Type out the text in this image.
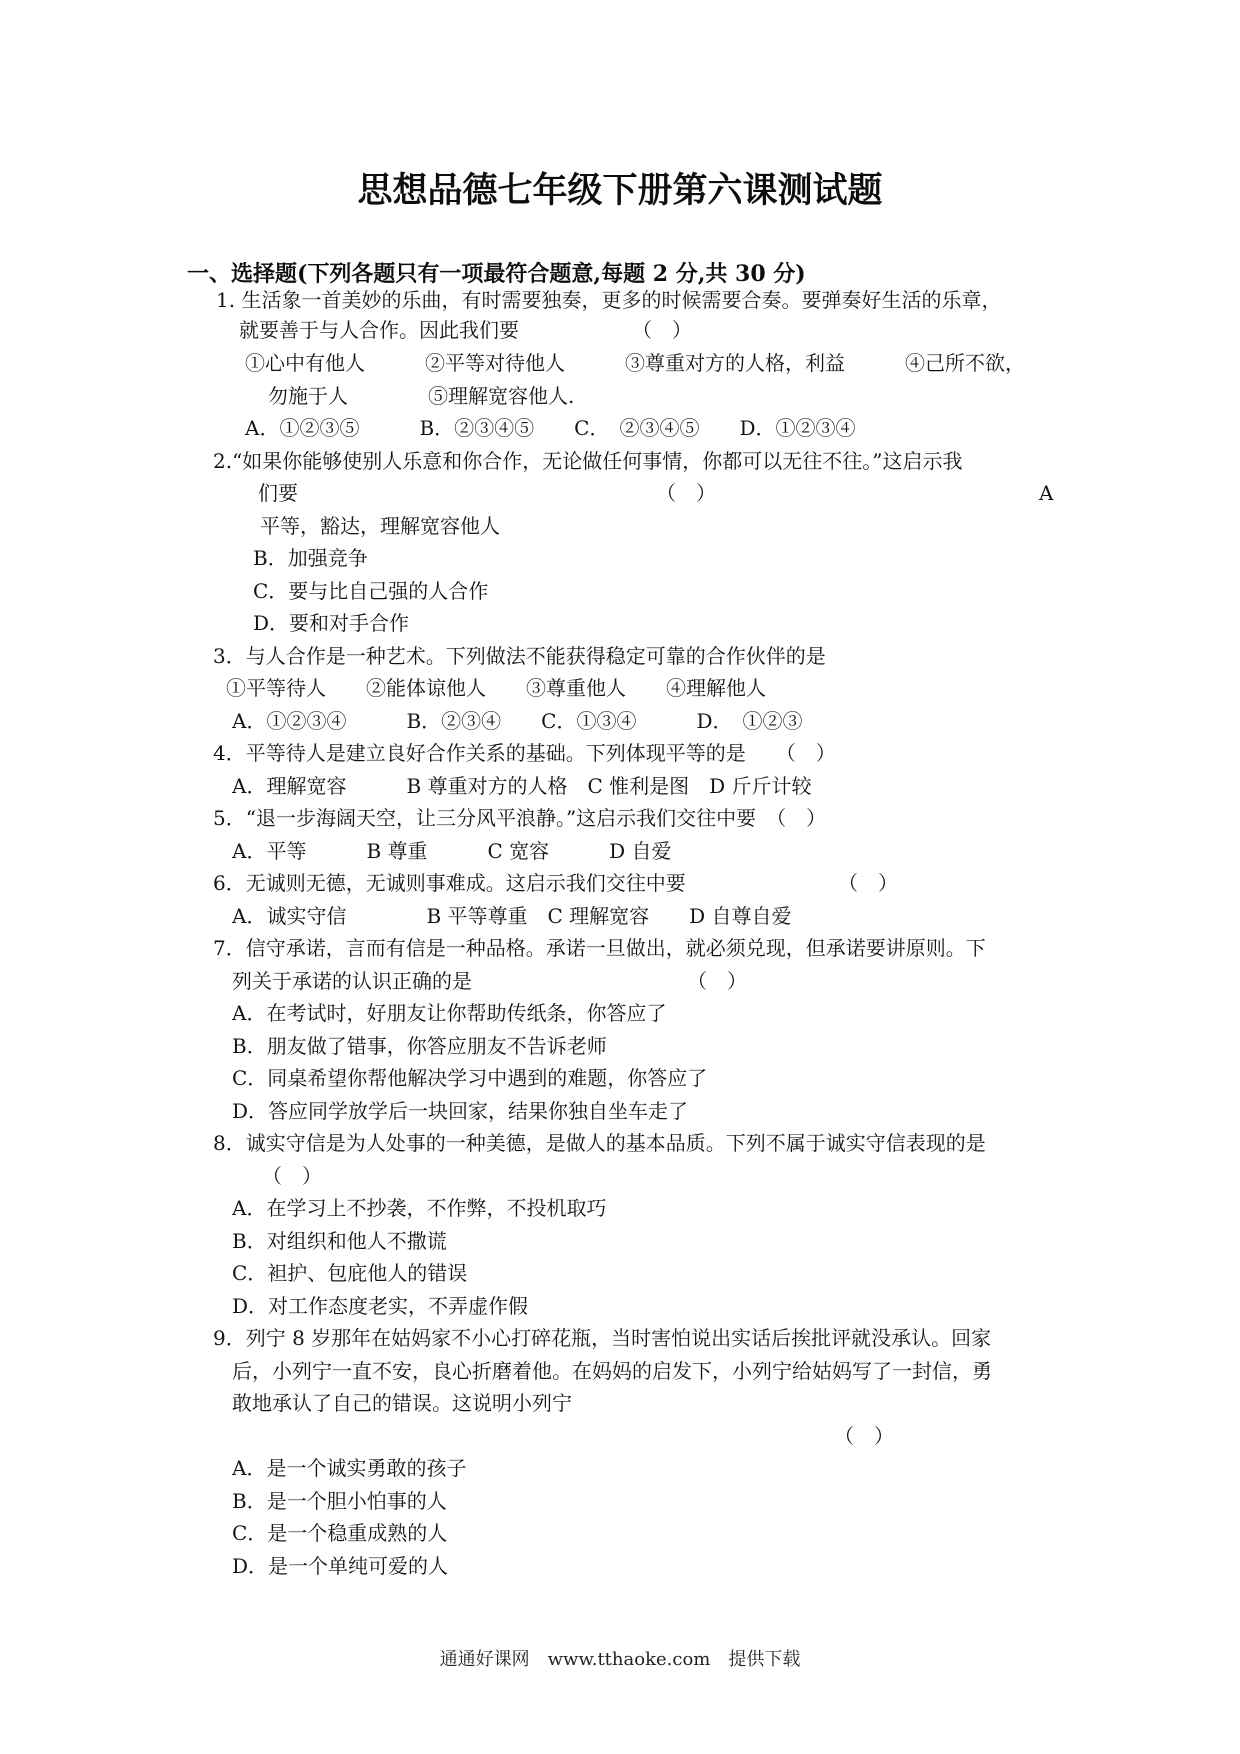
思想品德七年级下册第六课测试题
一、选择题(下列各题只有一项最符合题意,每题 2 分,共 30 分)
1. 生活象一首美妙的乐曲，有时需要独奏，更多的时候需要合奏。要弹奏好生活的乐章，
就要善于与人合作。因此我们要	（　）
①心中有他人　　　②平等对待他人　　　③尊重对方的人格，利益　　　④己所不欲，
勿施于人　　　　⑤理解宽容他人.
A．①②③⑤　　　B．②③④⑤　　C．　②③④⑤　　D．①②③④
2.“如果你能够使别人乐意和你合作，无论做任何事情，你都可以无往不往。”这启示我
们要	（　）	A
平等，豁达，理解宽容他人
B．加强竞争
C．要与比自己强的人合作
D．要和对手合作
3．与人合作是一种艺术。下列做法不能获得稳定可靠的合作伙伴的是
①平等待人　　②能体谅他人　　③尊重他人　　④理解他人
A．①②③④　　　B．②③④　　C．①③④　　　D．　①②③
4．平等待人是建立良好合作关系的基础。下列体现平等的是　　（　）
A．理解宽容　　　B 尊重对方的人格　C 惟利是图　D 斤斤计较
5．“退一步海阔天空，让三分风平浪静。”这启示我们交往中要　（　）
A．平等　　　B 尊重　　　C 宽容　　　D 自爱
6．无诚则无德，无诚则事难成。这启示我们交往中要	（　）
A．诚实守信　　　　B 平等尊重　C 理解宽容　　D 自尊自爱
7．信守承诺，言而有信是一种品格。承诺一旦做出，就必须兑现，但承诺要讲原则。下
列关于承诺的认识正确的是	（　）
A．在考试时，好朋友让你帮助传纸条，你答应了
B．朋友做了错事，你答应朋友不告诉老师
C．同桌希望你帮他解决学习中遇到的难题，你答应了
D．答应同学放学后一块回家，结果你独自坐车走了
8．诚实守信是为人处事的一种美德，是做人的基本品质。下列不属于诚实守信表现的是
（　）
A．在学习上不抄袭，不作弊，不投机取巧
B．对组织和他人不撒谎
C．袒护、包庇他人的错误
D．对工作态度老实，不弄虚作假
9．列宁 8 岁那年在姑妈家不小心打碎花瓶，当时害怕说出实话后挨批评就没承认。回家
后，小列宁一直不安，良心折磨着他。在妈妈的启发下，小列宁给姑妈写了一封信，勇
敢地承认了自己的错误。这说明小列宁
（　）
A．是一个诚实勇敢的孩子
B．是一个胆小怕事的人
C．是一个稳重成熟的人
D．是一个单纯可爱的人
通通好课网　www.tthaoke.com　提供下载
